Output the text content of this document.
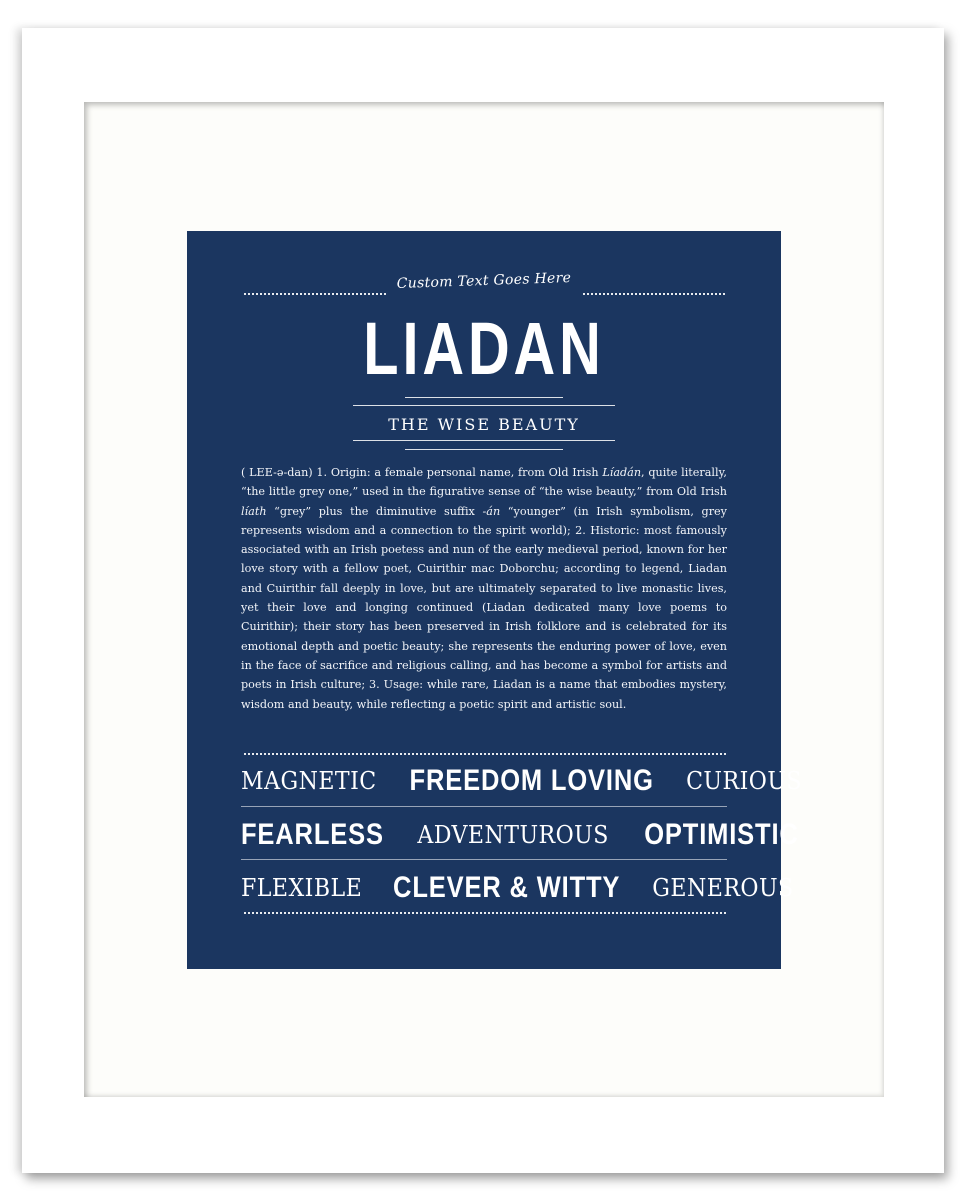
Custom Text Goes Here
LIADAN
THE WISE BEAUTY
( LEE-ə-dan) 1. Origin: a female personal name, from Old Irish Líadán, quite literally, “the little grey one,” used in the figurative sense of “the wise beauty,” from Old Irish líath “grey” plus the diminutive suffix -án “younger” (in Irish symbolism, grey represents wisdom and a connection to the spirit world); 2. Historic: most famously associated with an Irish poetess and nun of the early medieval period, known for her love story with a fellow poet, Cuirithir mac Doborchu; according to legend, Liadan and Cuirithir fall deeply in love, but are ultimately separated to live monastic lives, yet their love and longing continued (Liadan dedicated many love poems to Cuirithir); their story has been preserved in Irish folklore and is celebrated for its emotional depth and poetic beauty; she represents the enduring power of love, even in the face of sacrifice and religious calling, and has become a symbol for artists and poets in Irish culture; 3. Usage: while rare, Liadan is a name that embodies mystery, wisdom and beauty, while reflecting a poetic spirit and artistic soul.
MAGNETIC FREEDOM LOVING CURIOUS
FEARLESS ADVENTUROUS OPTIMISTIC
FLEXIBLE CLEVER & WITTY GENEROUS
